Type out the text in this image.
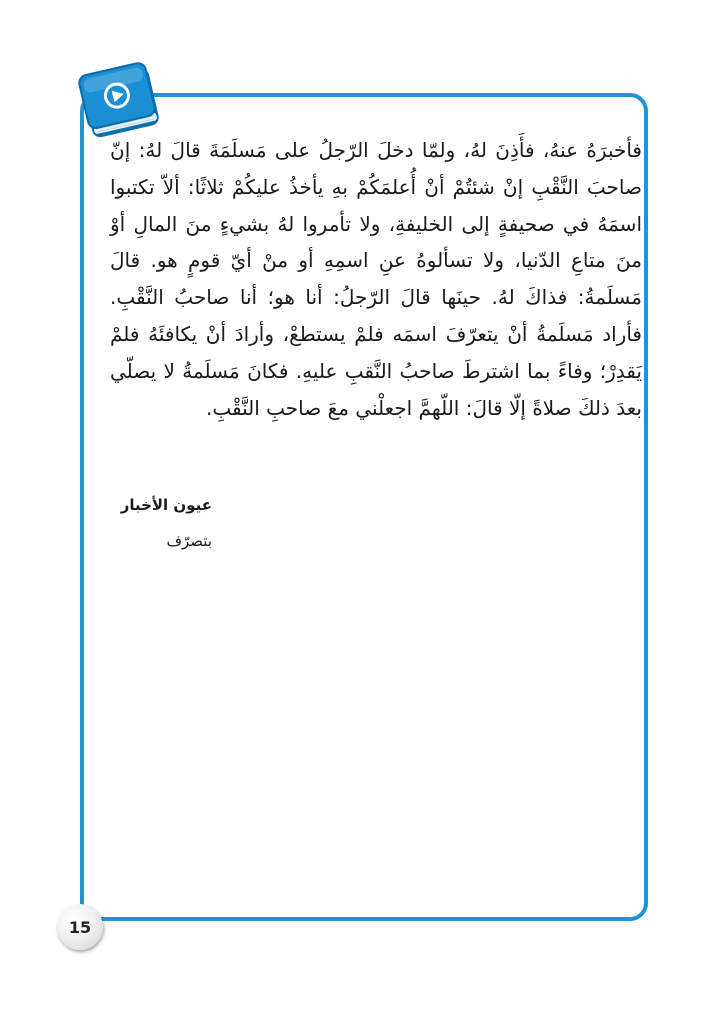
فأخبرَهُ عنهُ، فأَذِنَ لهُ، ولمّا دخلَ الرّجلُ على مَسلَمَةَ قالَ لهُ: إنّ صاحبَ النَّقْبِ إنْ شئتُمْ أنْ أُعلمَكُمْ بهِ يأخذُ عليكُمْ ثلاثًا: ألاّ تكتبوا اسمَهُ في صحيفةٍ إلى الخليفةِ، ولا تأمروا لهُ بشيءٍ منَ المالِ أوْ منَ متاعِ الدّنيا، ولا تسألوهُ عنِ اسمِهِ أو منْ أيّ قومٍ هو. قالَ مَسلَمةُ: فذاكَ لهُ. حينَها قالَ الرّجلُ: أنا هو؛ أنا صاحبُ النَّقْبِ. فأراد مَسلَمةُ أنْ يتعرّفَ اسمَه فلمْ يستطعْ، وأرادَ أنْ يكافئَهُ فلمْ يَقدِرْ؛ وفاءً بما اشترطَ صاحبُ النَّقبِ عليهِ. فكانَ مَسلَمةُ لا يصلّي بعدَ ذلكَ صلاةً إلّا قالَ: اللّهمَّ اجعلْني معَ صاحبِ النَّقْبِ.

عيون الأخبار
بتصرّف
15
